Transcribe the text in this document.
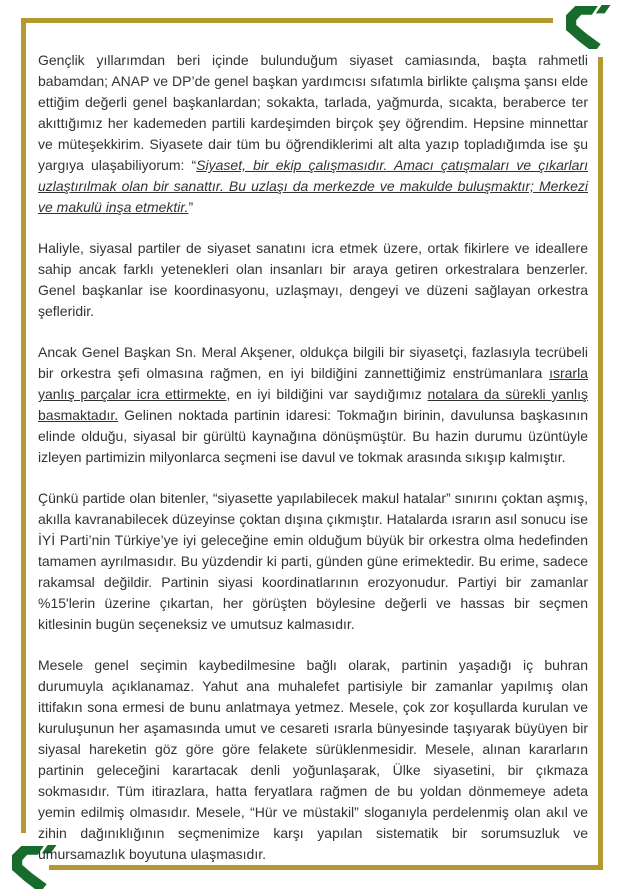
Gençlik yıllarımdan beri içinde bulunduğum siyaset camiasında, başta rahmetli babamdan; ANAP ve DP’de genel başkan yardımcısı sıfatımla birlikte çalışma şansı elde ettiğim değerli genel başkanlardan; sokakta, tarlada, yağmurda, sıcakta, beraberce ter akıttığımız her kademeden partili kardeşimden birçok şey öğrendim. Hepsine minnettar ve müteşekkirim. Siyasete dair tüm bu öğrendiklerimi alt alta yazıp topladığımda ise şu yargıya ulaşabiliyorum: “Siyaset, bir ekip çalışmasıdır. Amacı çatışmaları ve çıkarları uzlaştırılmak olan bir sanattır. Bu uzlaşı da merkezde ve makulde buluşmaktır; Merkezi ve makulü inşa etmektir.”

Haliyle, siyasal partiler de siyaset sanatını icra etmek üzere, ortak fikirlere ve ideallere sahip ancak farklı yetenekleri olan insanları bir araya getiren orkestralara benzerler. Genel başkanlar ise koordinasyonu, uzlaşmayı, dengeyi ve düzeni sağlayan orkestra şefleridir.

Ancak Genel Başkan Sn. Meral Akşener, oldukça bilgili bir siyasetçi, fazlasıyla tecrübeli bir orkestra şefi olmasına rağmen, en iyi bildiğini zannettiğimiz enstrümanlara ısrarla yanlış parçalar icra ettirmekte, en iyi bildiğini var saydığımız notalara da sürekli yanlış basmaktadır. Gelinen noktada partinin idaresi: Tokmağın birinin, davulunsa başkasının elinde olduğu, siyasal bir gürültü kaynağına dönüşmüştür. Bu hazin durumu üzüntüyle izleyen partimizin milyonlarca seçmeni ise davul ve tokmak arasında sıkışıp kalmıştır.

Çünkü partide olan bitenler, “siyasette yapılabilecek makul hatalar” sınırını çoktan aşmış, akılla kavranabilecek düzeyinse çoktan dışına çıkmıştır. Hatalarda ısrarın asıl sonucu ise İYİ Parti’nin Türkiye’ye iyi geleceğine emin olduğum büyük bir orkestra olma hedefinden tamamen ayrılmasıdır. Bu yüzdendir ki parti, günden güne erimektedir. Bu erime, sadece rakamsal değildir. Partinin siyasi koordinatlarının erozyonudur. Partiyi bir zamanlar %15'lerin üzerine çıkartan, her görüşten böylesine değerli ve hassas bir seçmen kitlesinin bugün seçeneksiz ve umutsuz kalmasıdır.

Mesele genel seçimin kaybedilmesine bağlı olarak, partinin yaşadığı iç buhran durumuyla açıklanamaz. Yahut ana muhalefet partisiyle bir zamanlar yapılmış olan ittifakın sona ermesi de bunu anlatmaya yetmez. Mesele, çok zor koşullarda kurulan ve kuruluşunun her aşamasında umut ve cesareti ısrarla bünyesinde taşıyarak büyüyen bir siyasal hareketin göz göre göre felakete sürüklenmesidir. Mesele, alınan kararların partinin geleceğini karartacak denli yoğunlaşarak, Ülke siyasetini, bir çıkmaza sokmasıdır. Tüm itirazlara, hatta feryatlara rağmen de bu yoldan dönmemeye adeta yemin edilmiş olmasıdır. Mesele, “Hür ve müstakil” sloganıyla perdelenmiş olan akıl ve zihin dağınıklığının seçmenimize karşı yapılan sistematik bir sorumsuzluk ve umursamazlık boyutuna ulaşmasıdır.
